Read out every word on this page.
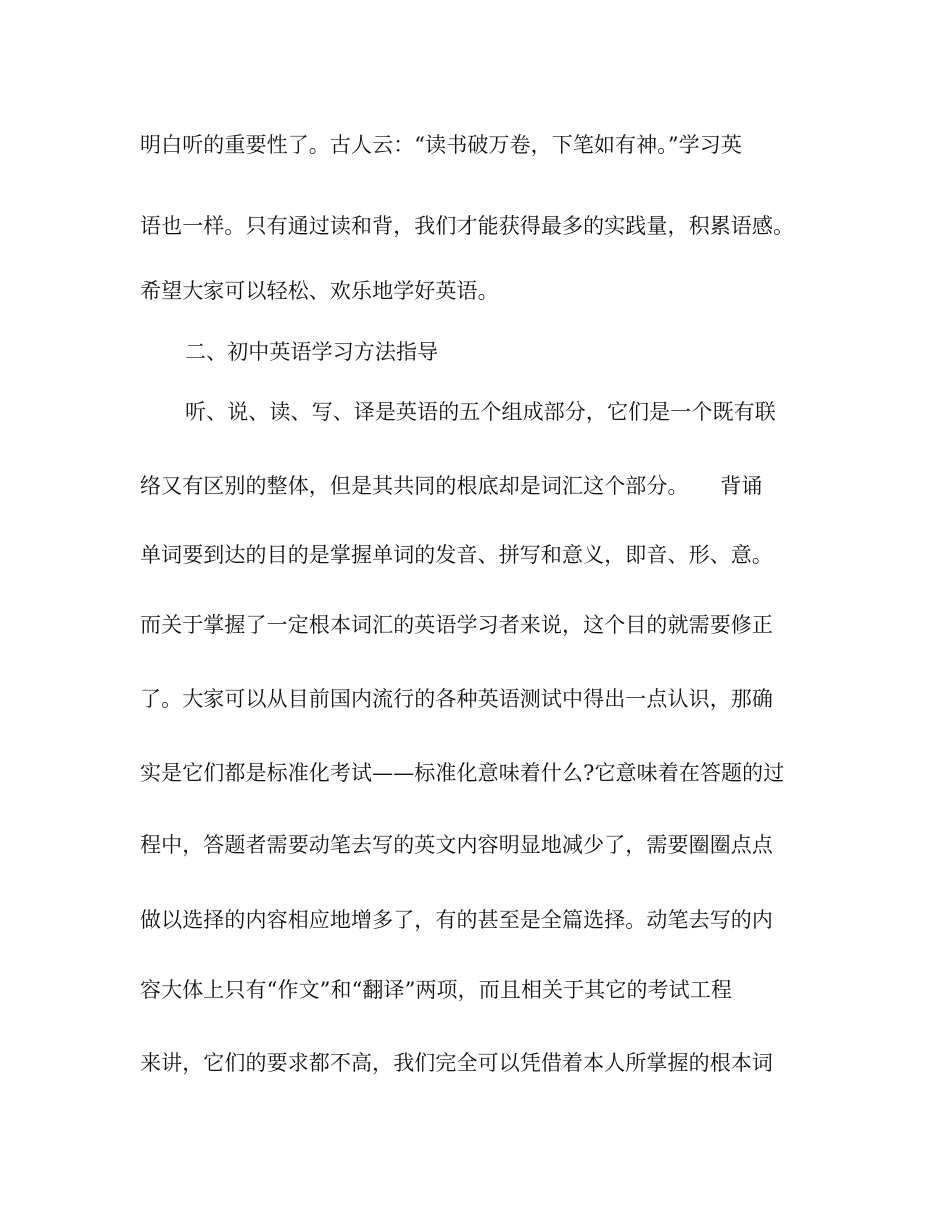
明白听的重要性了。古人云：“读书破万卷，下笔如有神。”学习英
语也一样。只有通过读和背，我们才能获得最多的实践量，积累语感。
希望大家可以轻松、欢乐地学好英语。
二、初中英语学习方法指导
听、说、读、写、译是英语的五个组成部分，它们是一个既有联
络又有区别的整体，但是其共同的根底却是词汇这个部分。　　背诵
单词要到达的目的是掌握单词的发音、拼写和意义，即音、形、意。
而关于掌握了一定根本词汇的英语学习者来说，这个目的就需要修正
了。大家可以从目前国内流行的各种英语测试中得出一点认识，那确
实是它们都是标准化考试——标准化意味着什么?它意味着在答题的过
程中，答题者需要动笔去写的英文内容明显地减少了，需要圈圈点点
做以选择的内容相应地增多了，有的甚至是全篇选择。动笔去写的内
容大体上只有“作文”和“翻译”两项，而且相关于其它的考试工程
来讲，它们的要求都不高，我们完全可以凭借着本人所掌握的根本词
